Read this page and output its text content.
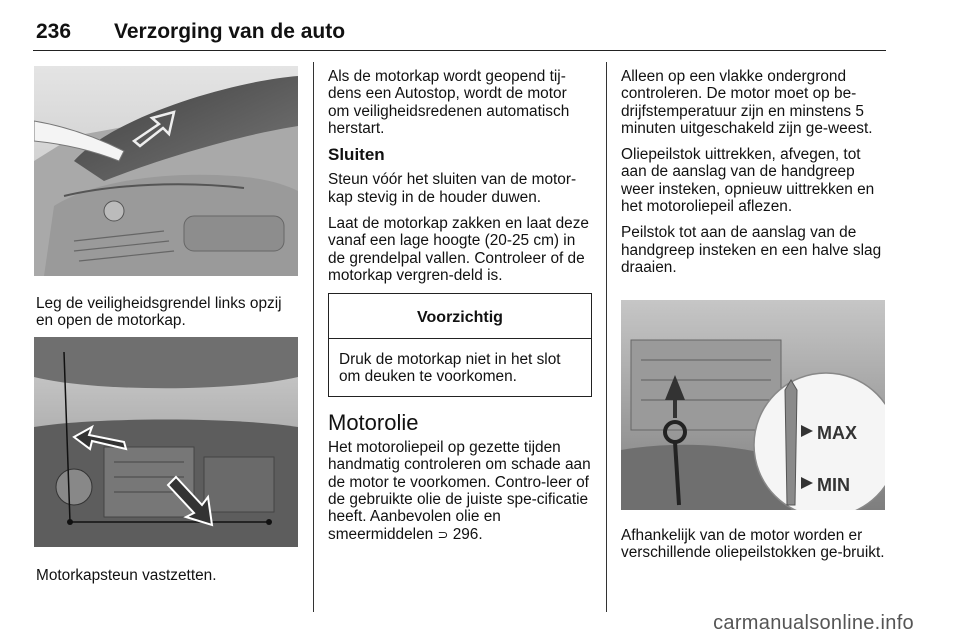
236 Verzorging van de auto
Leg de veiligheidsgrendel links opzij en open de motorkap.
Motorkapsteun vastzetten.

Als de motorkap wordt geopend tij-dens een Autostop, wordt de motor om veiligheidsredenen automatisch herstart.

Sluiten

Steun vóór het sluiten van de motor-kap stevig in de houder duwen.

Laat de motorkap zakken en laat deze vanaf een lage hoogte (20-25 cm) in de grendelpal vallen. Controleer of de motorkap vergren-deld is.

Voorzichtig
Druk de motorkap niet in het slot om deuken te voorkomen.
Motorolie

Het motoroliepeil op gezette tijden handmatig controleren om schade aan de motor te voorkomen. Contro-leer of de gebruikte olie de juiste spe-cificatie heeft. Aanbevolen olie en smeermiddelen ⊃ 296.

Alleen op een vlakke ondergrond controleren. De motor moet op be-drijfstemperatuur zijn en minstens 5 minuten uitgeschakeld zijn ge-weest.

Oliepeilstok uittrekken, afvegen, tot aan de aanslag van de handgreep weer insteken, opnieuw uittrekken en het motoroliepeil aflezen.

Peilstok tot aan de aanslag van de handgreep insteken en een halve slag draaien.

MAX
MIN
Afhankelijk van de motor worden er verschillende oliepeilstokken ge-bruikt.
carmanualsonline.info
